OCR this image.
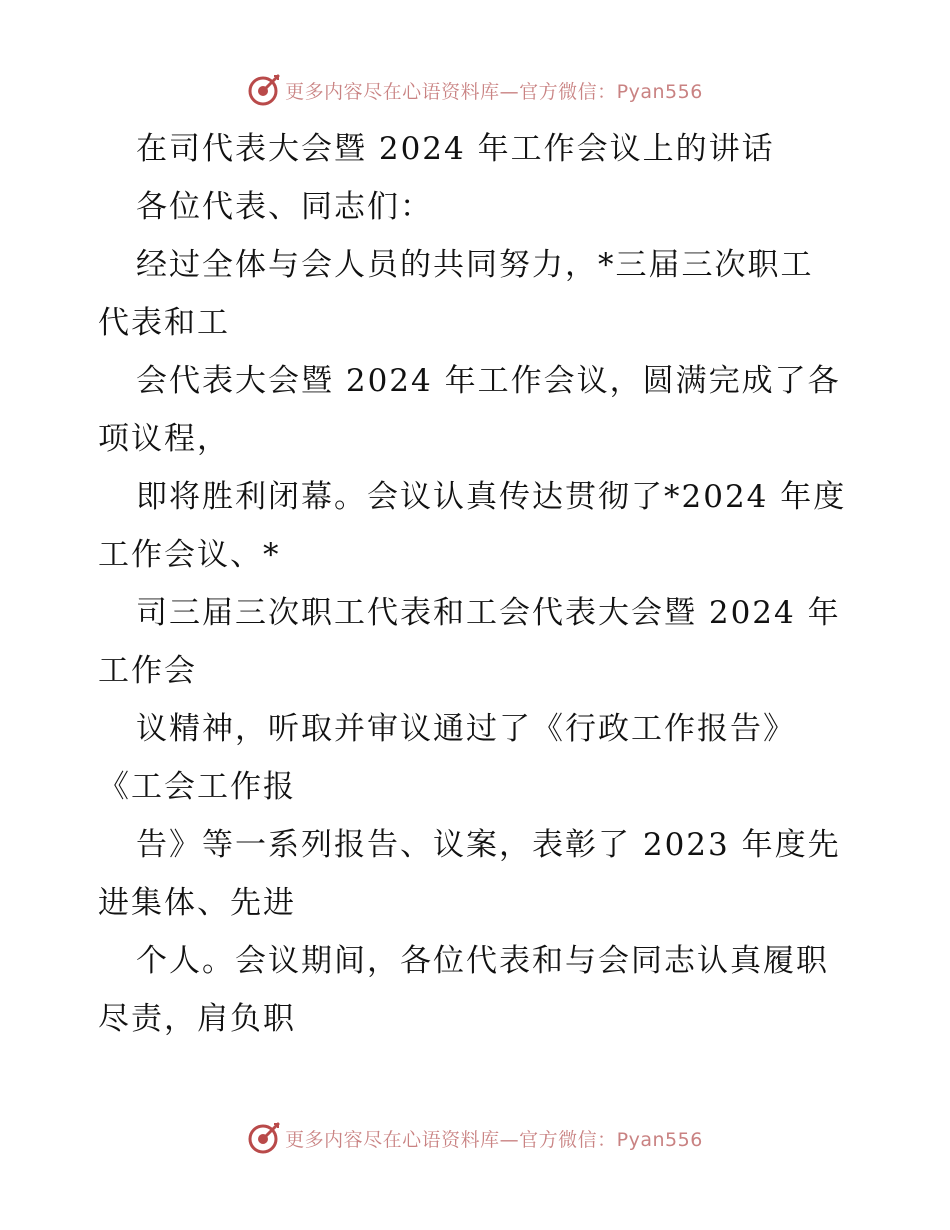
更多内容尽在心语资料库—官方微信：Pyan556
在司代表大会暨 2024 年工作会议上的讲话
各位代表、同志们：
经过全体与会人员的共同努力，*三届三次职工
代表和工
会代表大会暨 2024 年工作会议，圆满完成了各
项议程，
即将胜利闭幕。会议认真传达贯彻了*2024 年度
工作会议、*
司三届三次职工代表和工会代表大会暨 2024 年
工作会
议精神，听取并审议通过了《行政工作报告》
《工会工作报
告》等一系列报告、议案，表彰了 2023 年度先
进集体、先进
个人。会议期间，各位代表和与会同志认真履职
尽责，肩负职
更多内容尽在心语资料库—官方微信：Pyan556
